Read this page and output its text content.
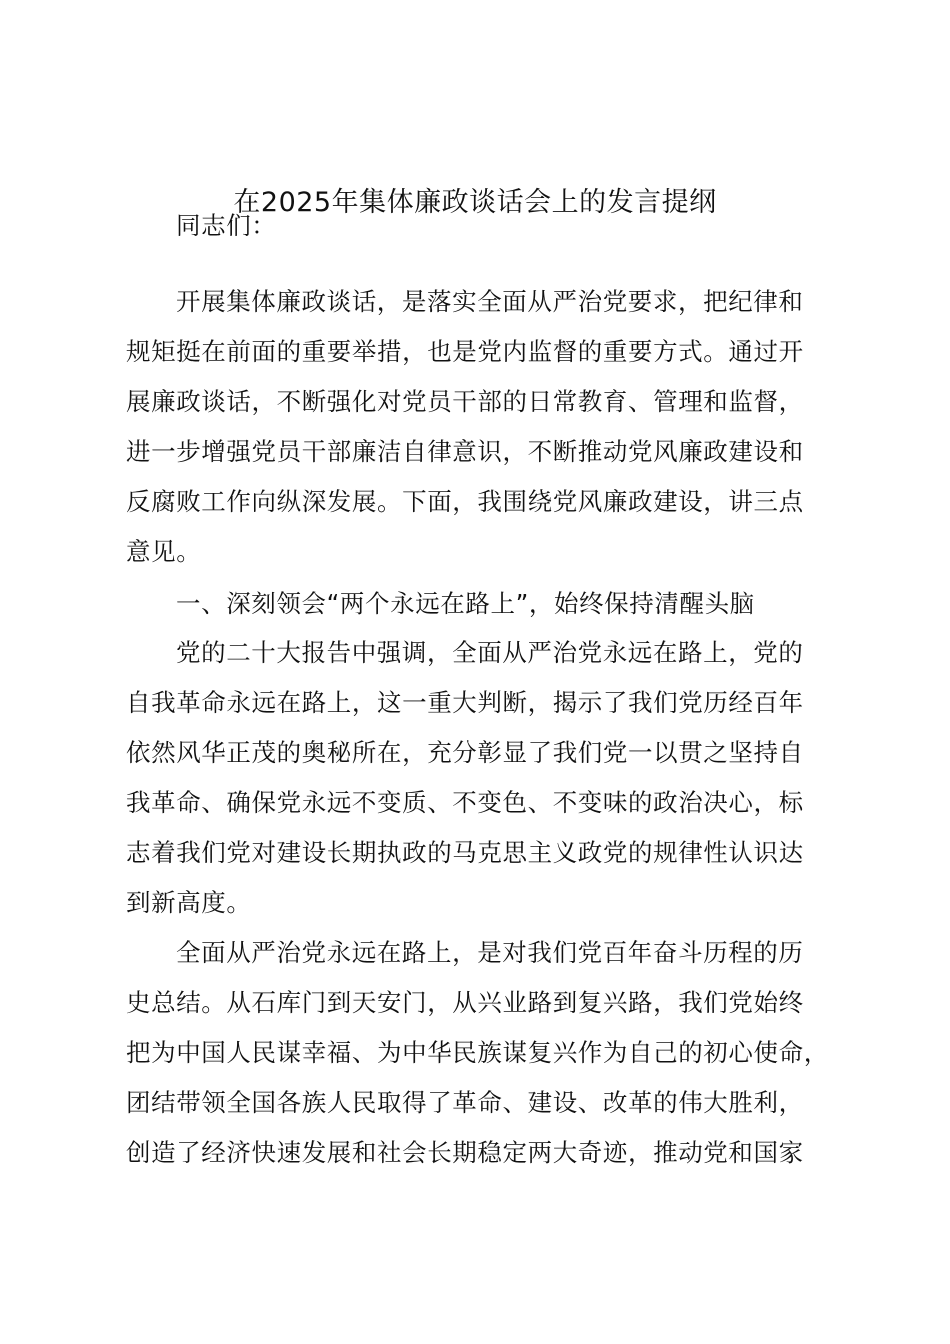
在2025年集体廉政谈话会上的发言提纲
同志们：
开展集体廉政谈话，是落实全面从严治党要求，把纪律和
规矩挺在前面的重要举措，也是党内监督的重要方式。通过开
展廉政谈话，不断强化对党员干部的日常教育、管理和监督，
进一步增强党员干部廉洁自律意识，不断推动党风廉政建设和
反腐败工作向纵深发展。下面，我围绕党风廉政建设，讲三点
意见。
一、深刻领会“两个永远在路上”，始终保持清醒头脑
党的二十大报告中强调，全面从严治党永远在路上，党的
自我革命永远在路上，这一重大判断，揭示了我们党历经百年
依然风华正茂的奥秘所在，充分彰显了我们党一以贯之坚持自
我革命、确保党永远不变质、不变色、不变味的政治决心，标
志着我们党对建设长期执政的马克思主义政党的规律性认识达
到新高度。
全面从严治党永远在路上，是对我们党百年奋斗历程的历
史总结。从石库门到天安门，从兴业路到复兴路，我们党始终
把为中国人民谋幸福、为中华民族谋复兴作为自己的初心使命，
团结带领全国各族人民取得了革命、建设、改革的伟大胜利，
创造了经济快速发展和社会长期稳定两大奇迹，推动党和国家
